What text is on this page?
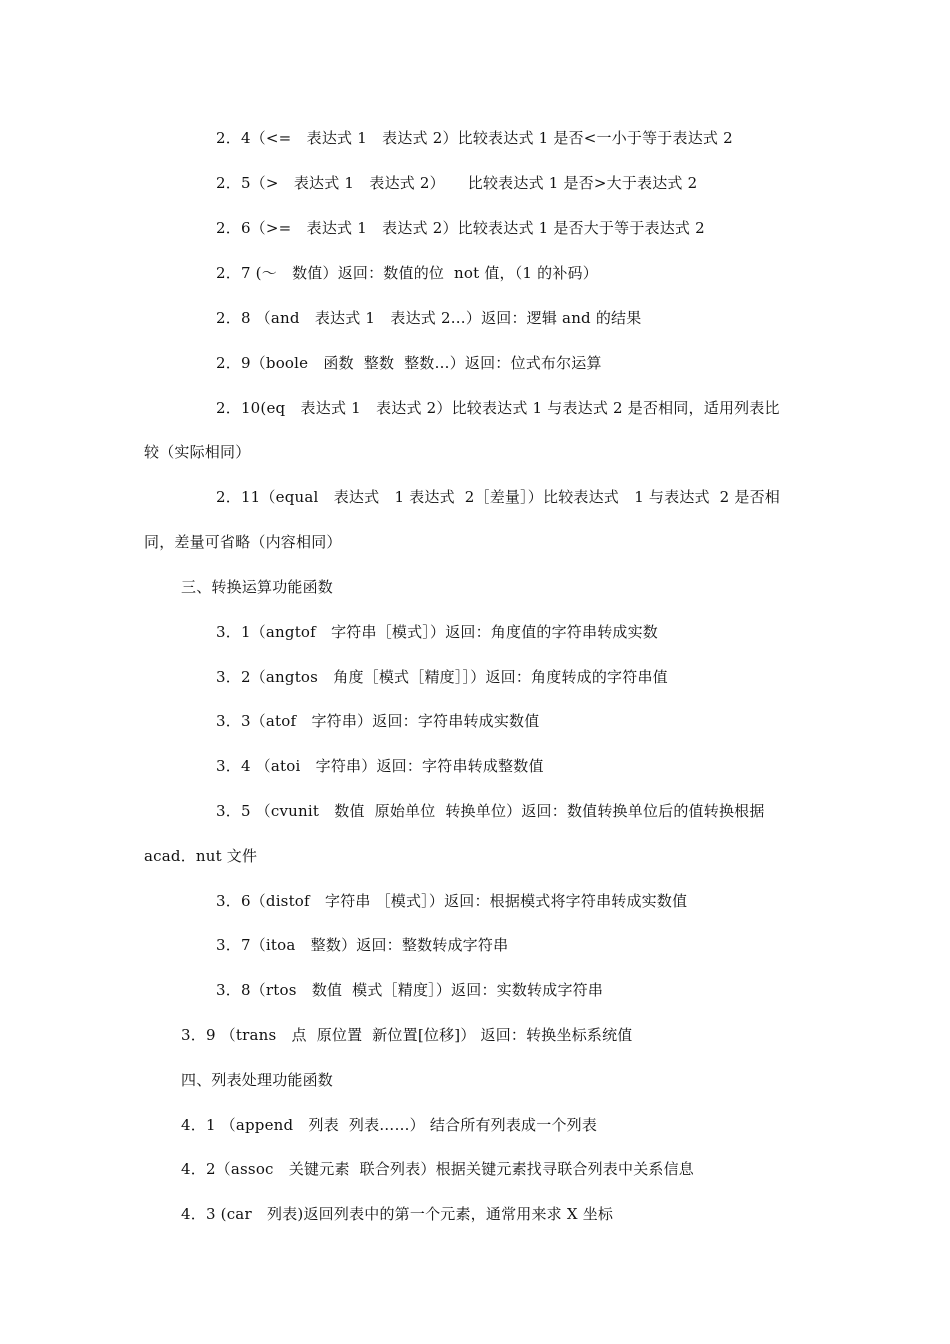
2．4（<=　表达式 1　表达式 2）比较表达式 1 是否<一小于等于表达式 2
2．5（>　表达式 1　表达式 2）　　比较表达式 1 是否>大于表达式 2
2．6（>=　表达式 1　表达式 2）比较表达式 1 是否大于等于表达式 2
2．7 (～　数值）返回：数值的位  not 值，（1 的补码）
2．8 （and　表达式 1　表达式 2…）返回：逻辑 and 的结果
2．9（boole　函数  整数  整数…）返回：位式布尔运算
2．10(eq　表达式 1　表达式 2）比较表达式 1 与表达式 2 是否相同，适用列表比
较（实际相同）
2．11（equal　表达式　1 表达式  2［差量］）比较表达式　1 与表达式  2 是否相
同，差量可省略（内容相同）
三、转换运算功能函数
3．1（angtof　字符串［模式］）返回：角度值的字符串转成实数
3．2（angtos　角度［模式［精度］］）返回：角度转成的字符串值
3．3（atof　字符串）返回：字符串转成实数值
3．4 （atoi　字符串）返回：字符串转成整数值
3．5 （cvunit　数值  原始单位  转换单位）返回：数值转换单位后的值转换根据
acad．nut 文件
3．6（distof　字符串 ［模式］）返回：根据模式将字符串转成实数值
3．7（itoa　整数）返回：整数转成字符串
3．8（rtos　数值  模式［精度］）返回：实数转成字符串
3．9 （trans　点  原位置  新位置[位移]） 返回：转换坐标系统值
四、列表处理功能函数
4．1 （append　列表  列表……） 结合所有列表成一个列表
4．2（assoc　关键元素  联合列表）根据关键元素找寻联合列表中关系信息
4．3 (car　列表)返回列表中的第一个元素，通常用来求 X 坐标
